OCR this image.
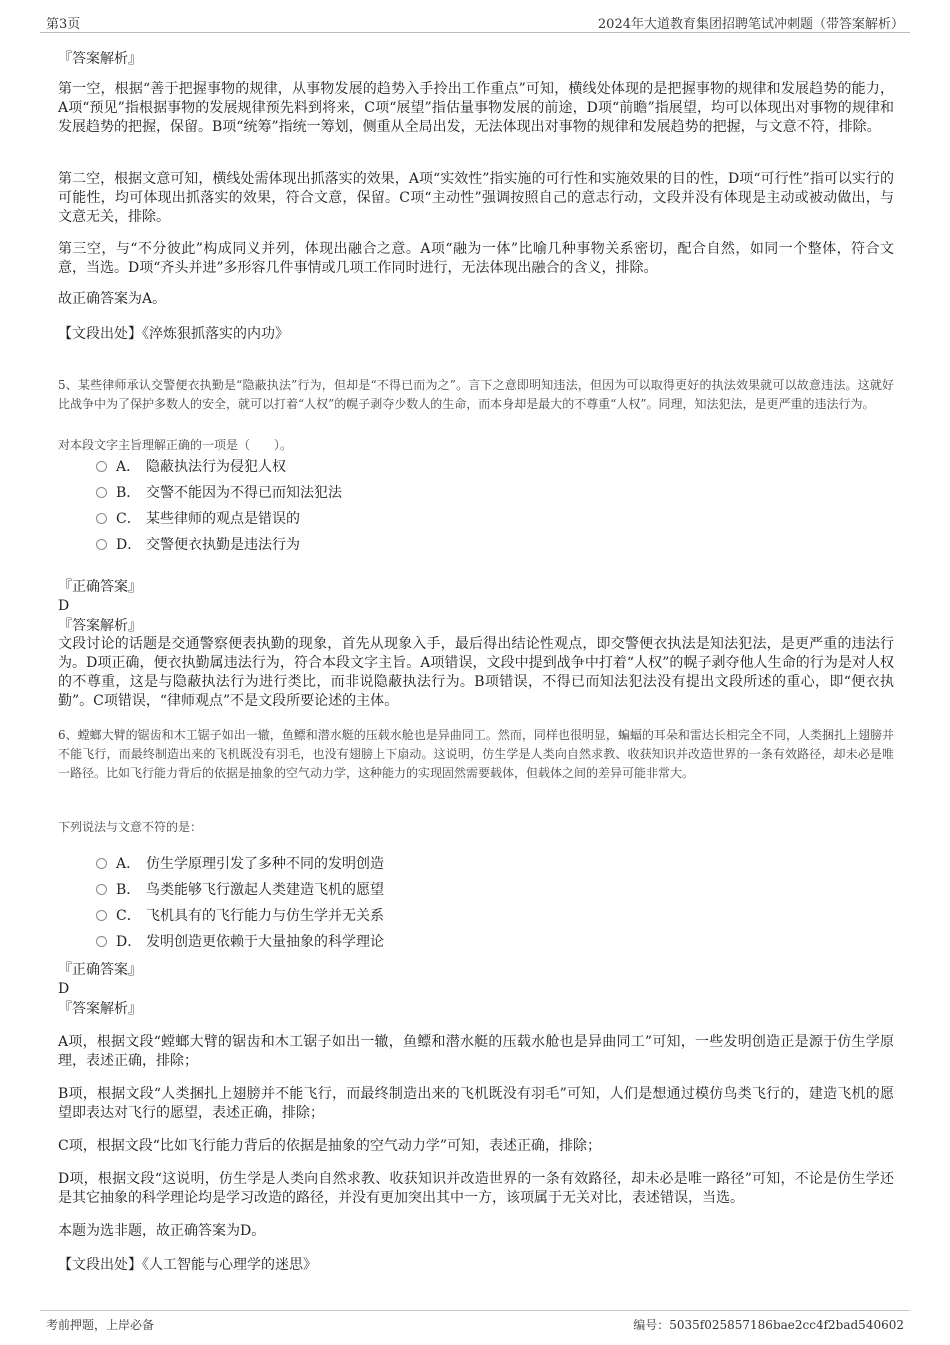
第3页	2024年大道教育集团招聘笔试冲刺题（带答案解析）

『答案解析』

第一空，根据“善于把握事物的规律，从事物发展的趋势入手拎出工作重点”可知，横线处体现的是把握事物的规律和发展趋势的能力，A项“预见”指根据事物的发展规律预先料到将来，C项“展望”指估量事物发展的前途，D项“前瞻”指展望，均可以体现出对事物的规律和发展趋势的把握，保留。B项“统筹”指统一筹划，侧重从全局出发，无法体现出对事物的规律和发展趋势的把握，与文意不符，排除。

第二空，根据文意可知，横线处需体现出抓落实的效果，A项“实效性”指实施的可行性和实施效果的目的性，D项“可行性”指可以实行的可能性，均可体现出抓落实的效果，符合文意，保留。C项“主动性”强调按照自己的意志行动，文段并没有体现是主动或被动做出，与文意无关，排除。

第三空，与“不分彼此”构成同义并列，体现出融合之意。A项“融为一体”比喻几种事物关系密切，配合自然，如同一个整体，符合文意，当选。D项“齐头并进”多形容几件事情或几项工作同时进行，无法体现出融合的含义，排除。

故正确答案为A。

【文段出处】《淬炼狠抓落实的内功》

5、某些律师承认交警便衣执勤是“隐蔽执法”行为，但却是“不得已而为之”。言下之意即明知违法，但因为可以取得更好的执法效果就可以故意违法。这就好比战争中为了保护多数人的安全，就可以打着“人权”的幌子剥夺少数人的生命，而本身却是最大的不尊重“人权”。同理，知法犯法，是更严重的违法行为。

对本段文字主旨理解正确的一项是（　　）。

A． 隐蔽执法行为侵犯人权
B． 交警不能因为不得已而知法犯法
C． 某些律师的观点是错误的
D． 交警便衣执勤是违法行为

『正确答案』

D

『答案解析』

文段讨论的话题是交通警察便表执勤的现象，首先从现象入手，最后得出结论性观点，即交警便衣执法是知法犯法，是更严重的违法行为。D项正确，便衣执勤属违法行为，符合本段文字主旨。A项错误，文段中提到战争中打着“人权”的幌子剥夺他人生命的行为是对人权的不尊重，这是与隐蔽执法行为进行类比，而非说隐蔽执法行为。B项错误，不得已而知法犯法没有提出文段所述的重心，即“便衣执勤”。C项错误，“律师观点”不是文段所要论述的主体。

6、螳螂大臂的锯齿和木工锯子如出一辙，鱼鳔和潜水艇的压载水舱也是异曲同工。然而，同样也很明显，蝙蝠的耳朵和雷达长相完全不同，人类捆扎上翅膀并不能飞行，而最终制造出来的飞机既没有羽毛，也没有翅膀上下扇动。这说明，仿生学是人类向自然求教、收获知识并改造世界的一条有效路径，却未必是唯一路径。比如飞行能力背后的依据是抽象的空气动力学，这种能力的实现固然需要载体，但载体之间的差异可能非常大。

下列说法与文意不符的是：

A． 仿生学原理引发了多种不同的发明创造
B． 鸟类能够飞行激起人类建造飞机的愿望
C． 飞机具有的飞行能力与仿生学并无关系
D． 发明创造更依赖于大量抽象的科学理论

『正确答案』

D

『答案解析』

A项，根据文段“螳螂大臂的锯齿和木工锯子如出一辙，鱼鳔和潜水艇的压载水舱也是异曲同工”可知，一些发明创造正是源于仿生学原理，表述正确，排除；

B项，根据文段“人类捆扎上翅膀并不能飞行，而最终制造出来的飞机既没有羽毛”可知，人们是想通过模仿鸟类飞行的，建造飞机的愿望即表达对飞行的愿望，表述正确，排除；

C项，根据文段“比如飞行能力背后的依据是抽象的空气动力学”可知，表述正确，排除；

D项，根据文段“这说明，仿生学是人类向自然求教、收获知识并改造世界的一条有效路径，却未必是唯一路径”可知，不论是仿生学还是其它抽象的科学理论均是学习改造的路径，并没有更加突出其中一方，该项属于无关对比，表述错误，当选。

本题为选非题，故正确答案为D。

【文段出处】《人工智能与心理学的迷思》

考前押题，上岸必备	编号：5035f025857186bae2cc4f2bad540602
